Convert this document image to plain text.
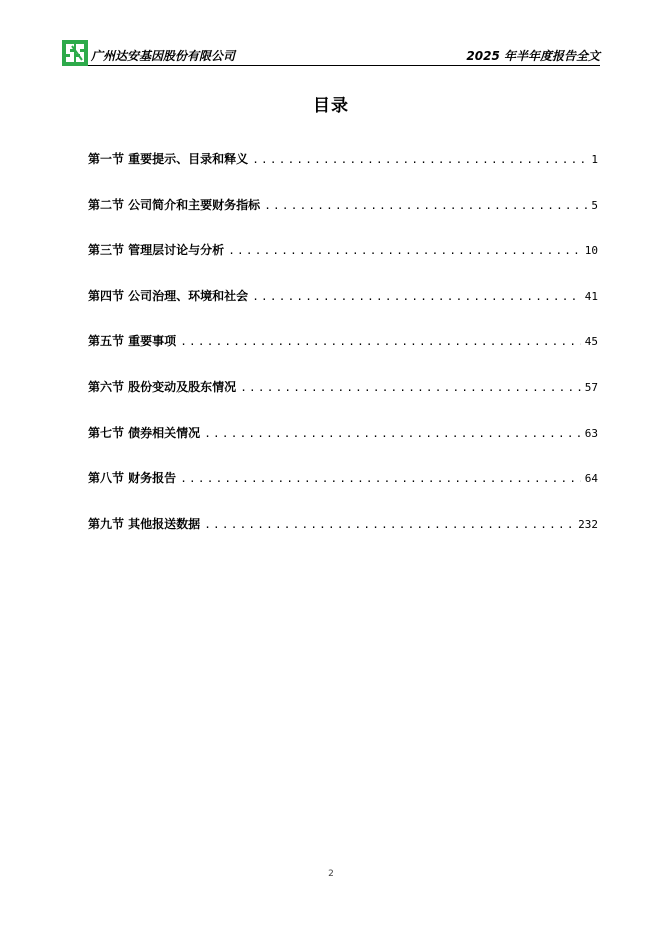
广州达安基因股份有限公司	2025 年半年度报告全文
目录
第一节 重要提示、目录和释义 . . .	1
第二节 公司简介和主要财务指标 . . .	5
第三节 管理层讨论与分析 . . .	10
第四节 公司治理、环境和社会 . . .	41
第五节 重要事项 . . .	45
第六节 股份变动及股东情况 . . .	57
第七节 债券相关情况 . . .	63
第八节 财务报告 . . .	64
第九节 其他报送数据 . . .	232
2
